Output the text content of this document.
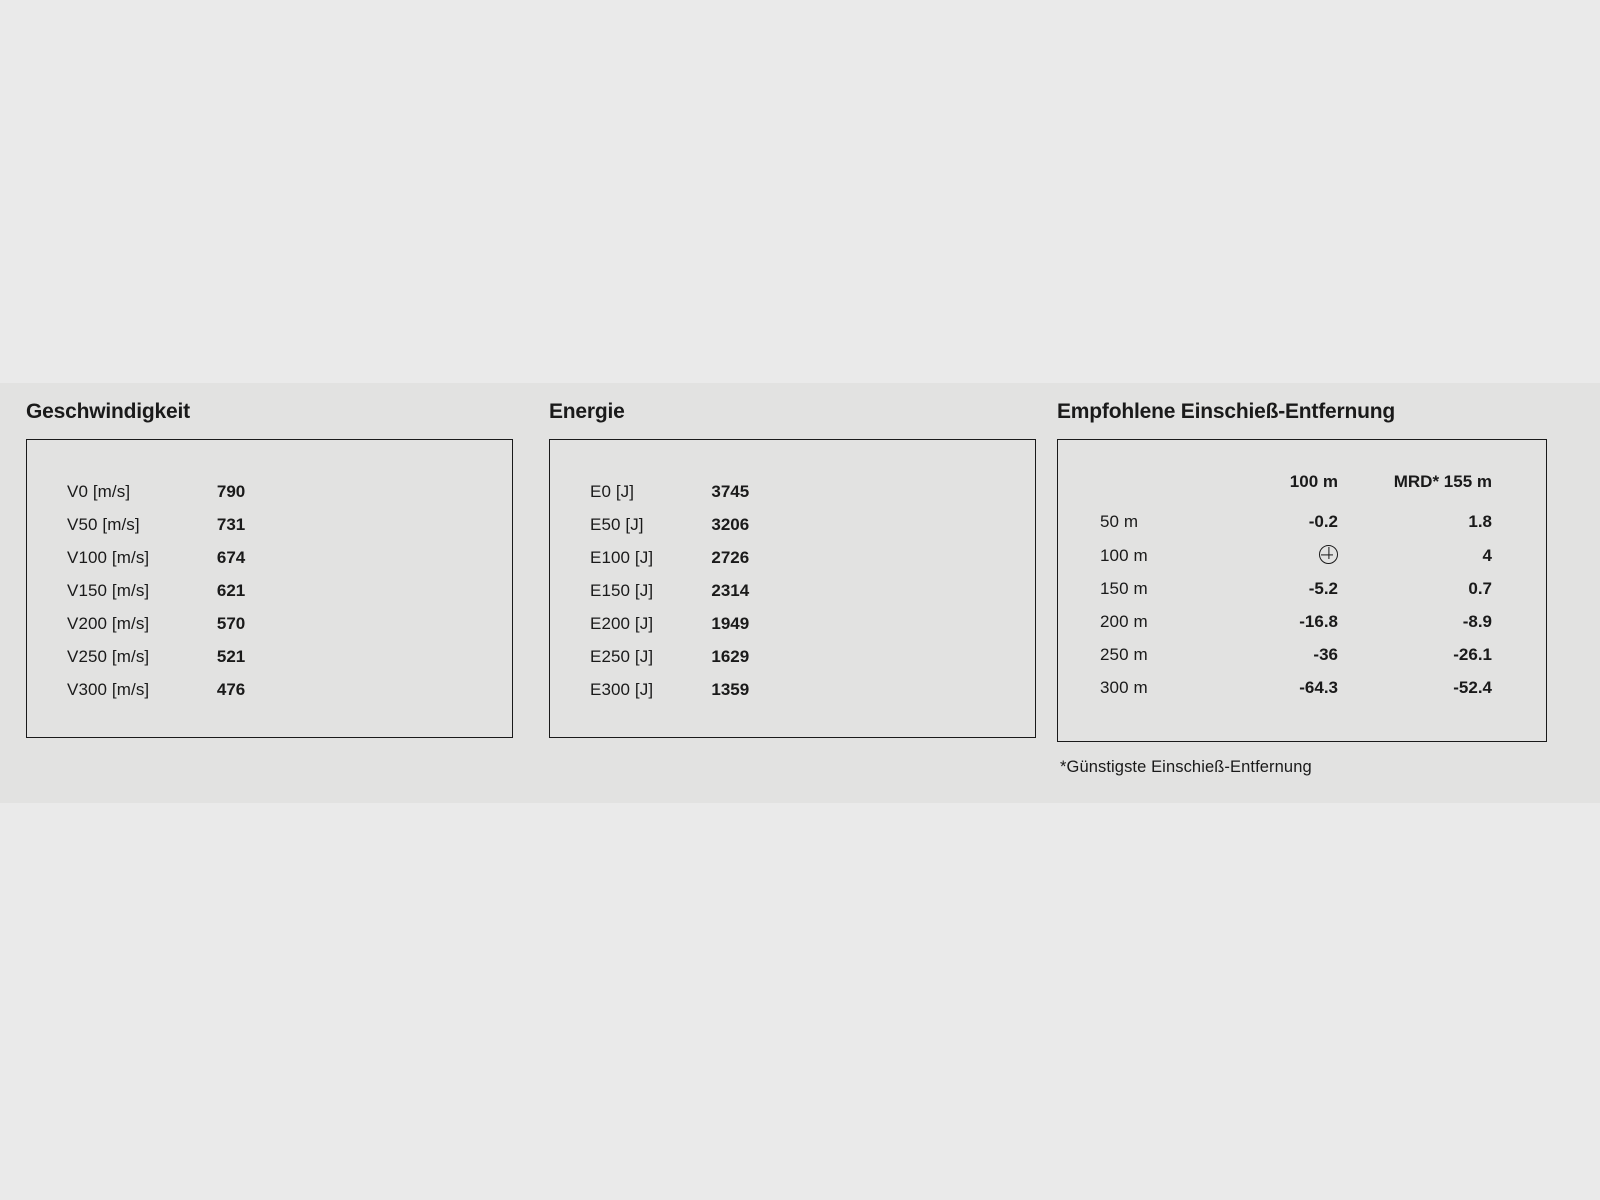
Geschwindigkeit
V0 [m/s]	790
V50 [m/s]	731
V100 [m/s]	674
V150 [m/s]	621
V200 [m/s]	570
V250 [m/s]	521
V300 [m/s]	476
Energie
E0 [J]	3745
E50 [J]	3206
E100 [J]	2726
E150 [J]	2314
E200 [J]	1949
E250 [J]	1629
E300 [J]	1359
Empfohlene Einschieß-Entfernung
	100 m	MRD* 155 m
50 m	-0.2	1.8
100 m		4
150 m	-5.2	0.7
200 m	-16.8	-8.9
250 m	-36	-26.1
300 m	-64.3	-52.4
*Günstigste Einschieß-Entfernung
